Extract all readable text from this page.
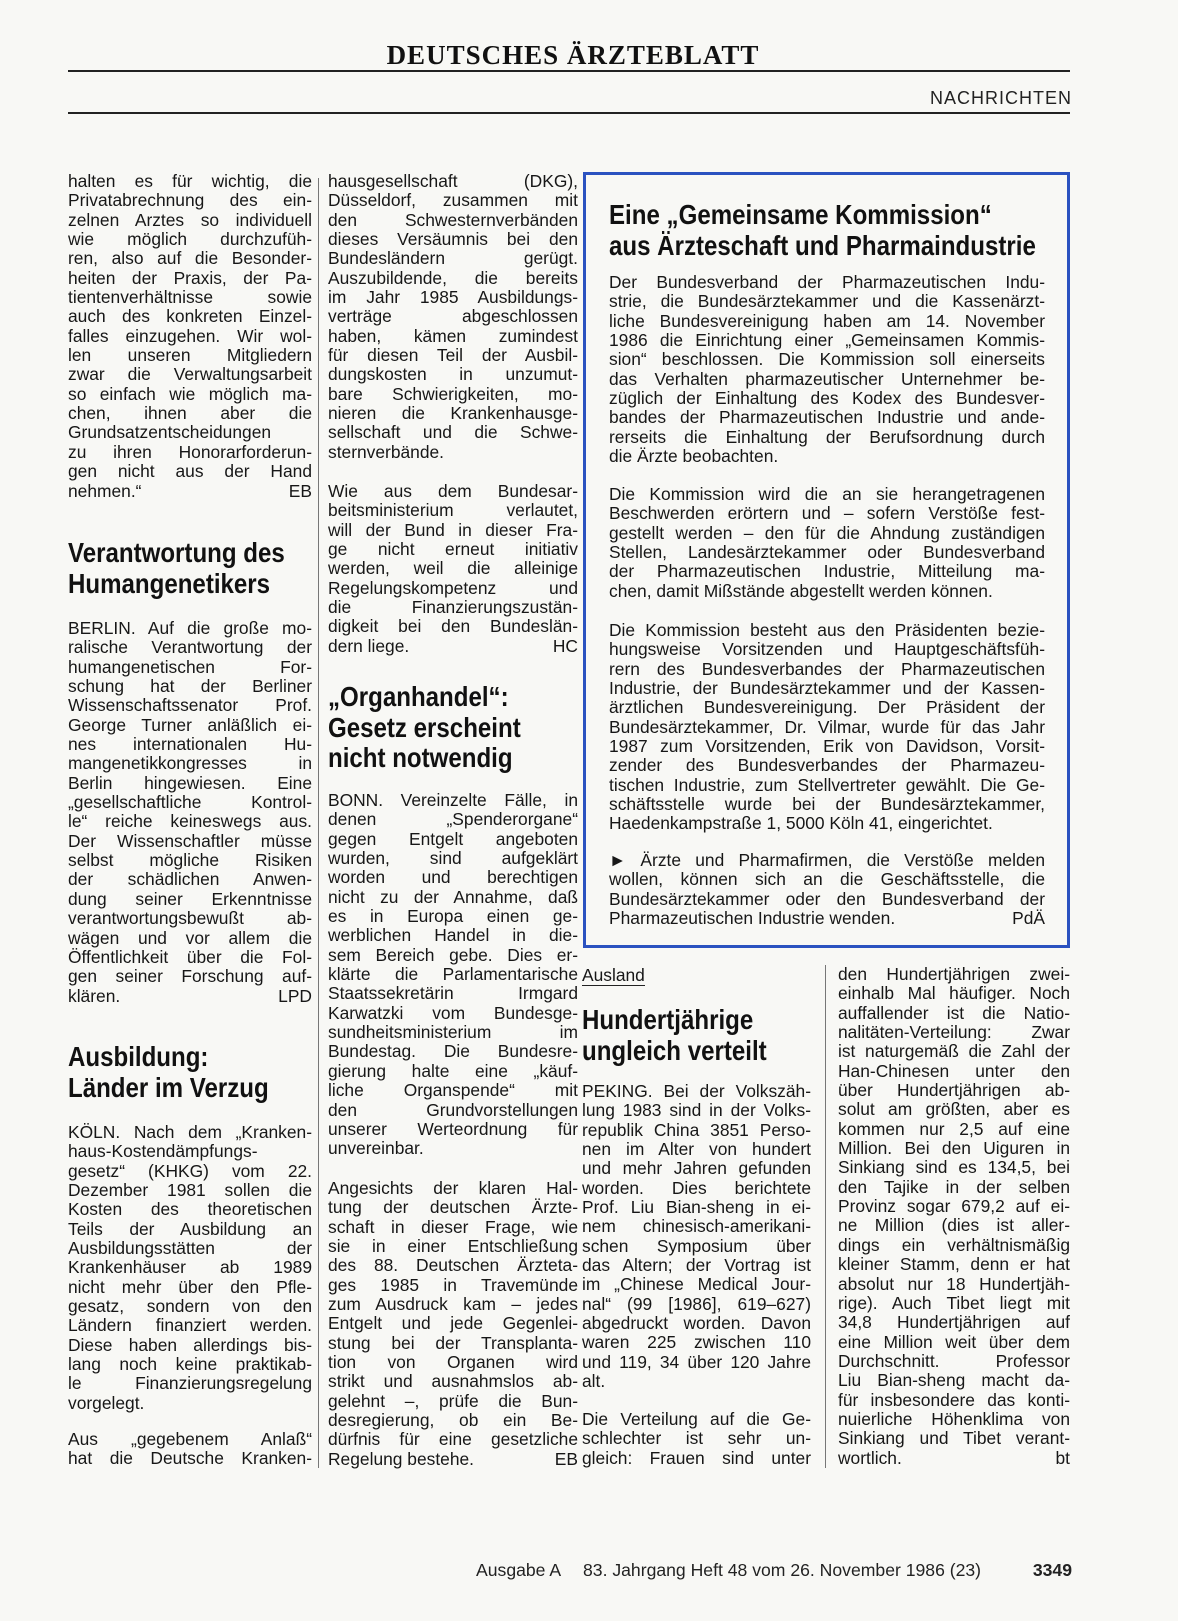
DEUTSCHES ÄRZTEBLATT
NACHRICHTEN
halten es für wichtig, die
Privatabrechnung des ein-
zelnen Arztes so individuell
wie möglich durchzufüh-
ren, also auf die Besonder-
heiten der Praxis, der Pa-
tientenverhältnisse sowie
auch des konkreten Einzel-
falles einzugehen. Wir wol-
len unseren Mitgliedern
zwar die Verwaltungsarbeit
so einfach wie möglich ma-
chen, ihnen aber die
Grundsatzentscheidungen
zu ihren Honorarforderun-
gen nicht aus der Hand
nehmen.“	EB
Verantwortung des
Humangenetikers
BERLIN. Auf die große mo-
ralische Verantwortung der
humangenetischen For-
schung hat der Berliner
Wissenschaftssenator Prof.
George Turner anläßlich ei-
nes internationalen Hu-
mangenetikkongresses in
Berlin hingewiesen. Eine
„gesellschaftliche Kontrol-
le“ reiche keineswegs aus.
Der Wissenschaftler müsse
selbst mögliche Risiken
der schädlichen Anwen-
dung seiner Erkenntnisse
verantwortungsbewußt ab-
wägen und vor allem die
Öffentlichkeit über die Fol-
gen seiner Forschung auf-
klären.	LPD
Ausbildung:
Länder im Verzug
KÖLN. Nach dem „Kranken-
haus-Kostendämpfungs-
gesetz“ (KHKG) vom 22.
Dezember 1981 sollen die
Kosten des theoretischen
Teils der Ausbildung an
Ausbildungsstätten der
Krankenhäuser ab 1989
nicht mehr über den Pfle-
gesatz, sondern von den
Ländern finanziert werden.
Diese haben allerdings bis-
lang noch keine praktikab-
le Finanzierungsregelung
vorgelegt.
Aus „gegebenem Anlaß“
hat die Deutsche Kranken-
hausgesellschaft (DKG),
Düsseldorf, zusammen mit
den Schwesternverbänden
dieses Versäumnis bei den
Bundesländern gerügt.
Auszubildende, die bereits
im Jahr 1985 Ausbildungs-
verträge abgeschlossen
haben, kämen zumindest
für diesen Teil der Ausbil-
dungskosten in unzumut-
bare Schwierigkeiten, mo-
nieren die Krankenhausge-
sellschaft und die Schwe-
sternverbände.
Wie aus dem Bundesar-
beitsministerium verlautet,
will der Bund in dieser Fra-
ge nicht erneut initiativ
werden, weil die alleinige
Regelungskompetenz und
die Finanzierungszustän-
digkeit bei den Bundeslän-
dern liege.	HC
„Organhandel“:
Gesetz erscheint
nicht notwendig
BONN. Vereinzelte Fälle, in
denen „Spenderorgane“
gegen Entgelt angeboten
wurden, sind aufgeklärt
worden und berechtigen
nicht zu der Annahme, daß
es in Europa einen ge-
werblichen Handel in die-
sem Bereich gebe. Dies er-
klärte die Parlamentarische
Staatssekretärin Irmgard
Karwatzki vom Bundesge-
sundheitsministerium im
Bundestag. Die Bundesre-
gierung halte eine „käuf-
liche Organspende“ mit
den Grundvorstellungen
unserer Werteordnung für
unvereinbar.
Angesichts der klaren Hal-
tung der deutschen Ärzte-
schaft in dieser Frage, wie
sie in einer Entschließung
des 88. Deutschen Ärzteta-
ges 1985 in Travemünde
zum Ausdruck kam – jedes
Entgelt und jede Gegenlei-
stung bei der Transplanta-
tion von Organen wird
strikt und ausnahmslos ab-
gelehnt –, prüfe die Bun-
desregierung, ob ein Be-
dürfnis für eine gesetzliche
Regelung bestehe.	EB
Eine „Gemeinsame Kommission“
aus Ärzteschaft und Pharmaindustrie
Der Bundesverband der Pharmazeutischen Indu-
strie, die Bundesärztekammer und die Kassenärzt-
liche Bundesvereinigung haben am 14. November
1986 die Einrichtung einer „Gemeinsamen Kommis-
sion“ beschlossen. Die Kommission soll einerseits
das Verhalten pharmazeutischer Unternehmer be-
züglich der Einhaltung des Kodex des Bundesver-
bandes der Pharmazeutischen Industrie und ande-
rerseits die Einhaltung der Berufsordnung durch
die Ärzte beobachten.
Die Kommission wird die an sie herangetragenen
Beschwerden erörtern und – sofern Verstöße fest-
gestellt werden – den für die Ahndung zuständigen
Stellen, Landesärztekammer oder Bundesverband
der Pharmazeutischen Industrie, Mitteilung ma-
chen, damit Mißstände abgestellt werden können.
Die Kommission besteht aus den Präsidenten bezie-
hungsweise Vorsitzenden und Hauptgeschäftsfüh-
rern des Bundesverbandes der Pharmazeutischen
Industrie, der Bundesärztekammer und der Kassen-
ärztlichen Bundesvereinigung. Der Präsident der
Bundesärztekammer, Dr. Vilmar, wurde für das Jahr
1987 zum Vorsitzenden, Erik von Davidson, Vorsit-
zender des Bundesverbandes der Pharmazeu-
tischen Industrie, zum Stellvertreter gewählt. Die Ge-
schäftsstelle wurde bei der Bundesärztekammer,
Haedenkampstraße 1, 5000 Köln 41, eingerichtet.
► Ärzte und Pharmafirmen, die Verstöße melden
wollen, können sich an die Geschäftsstelle, die
Bundesärztekammer oder den Bundesverband der
Pharmazeutischen Industrie wenden.	PdÄ
Ausland
Hundertjährige
ungleich verteilt
PEKING. Bei der Volkszäh-
lung 1983 sind in der Volks-
republik China 3851 Perso-
nen im Alter von hundert
und mehr Jahren gefunden
worden. Dies berichtete
Prof. Liu Bian-sheng in ei-
nem chinesisch-amerikani-
schen Symposium über
das Altern; der Vortrag ist
im „Chinese Medical Jour-
nal“ (99 [1986], 619–627)
abgedruckt worden. Davon
waren 225 zwischen 110
und 119, 34 über 120 Jahre
alt.
Die Verteilung auf die Ge-
schlechter ist sehr un-
gleich: Frauen sind unter
den Hundertjährigen zwei-
einhalb Mal häufiger. Noch
auffallender ist die Natio-
nalitäten-Verteilung: Zwar
ist naturgemäß die Zahl der
Han-Chinesen unter den
über Hundertjährigen ab-
solut am größten, aber es
kommen nur 2,5 auf eine
Million. Bei den Uiguren in
Sinkiang sind es 134,5, bei
den Tajike in der selben
Provinz sogar 679,2 auf ei-
ne Million (dies ist aller-
dings ein verhältnismäßig
kleiner Stamm, denn er hat
absolut nur 18 Hundertjäh-
rige). Auch Tibet liegt mit
34,8 Hundertjährigen auf
eine Million weit über dem
Durchschnitt. Professor
Liu Bian-sheng macht da-
für insbesondere das konti-
nuierliche Höhenklima von
Sinkiang und Tibet verant-
wortlich.	bt
Ausgabe A 83. Jahrgang Heft 48 vom 26. November 1986 (23)	3349
